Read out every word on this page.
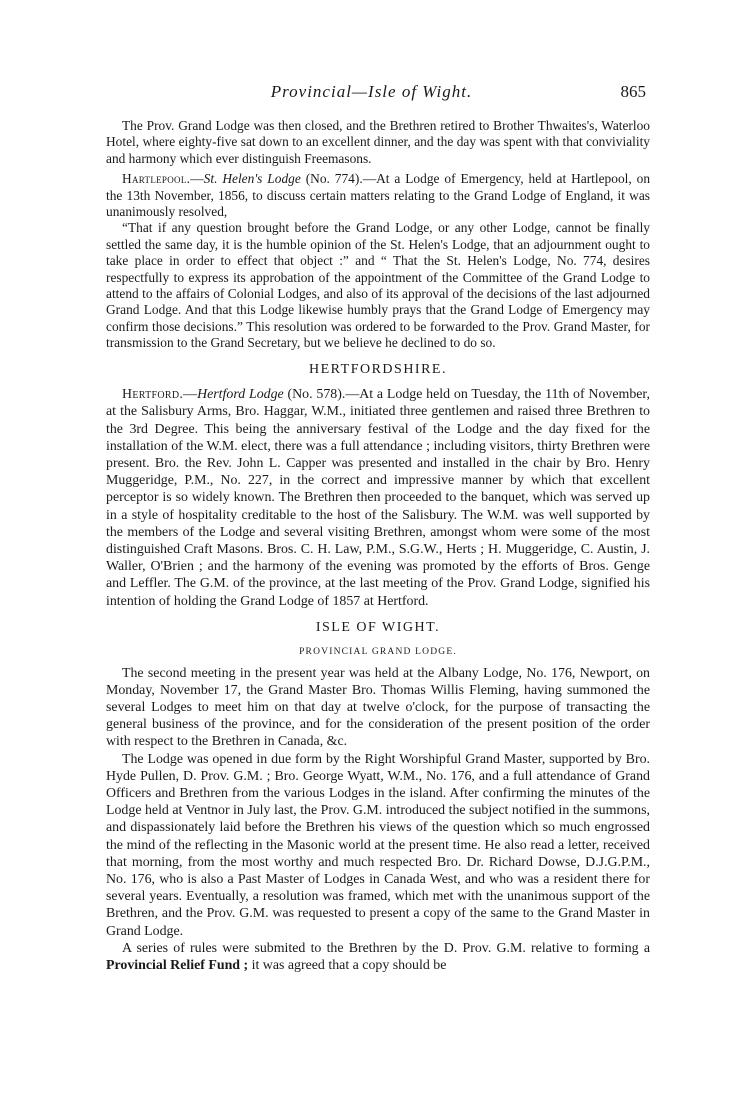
Provincial—Isle of Wight.	865

The Prov. Grand Lodge was then closed, and the Brethren retired to Brother Thwaites's, Waterloo Hotel, where eighty-five sat down to an excellent dinner, and the day was spent with that conviviality and harmony which ever distinguish Freemasons.

Hartlepool.—St. Helen's Lodge (No. 774).—At a Lodge of Emergency, held at Hartlepool, on the 13th November, 1856, to discuss certain matters relating to the Grand Lodge of England, it was unanimously resolved,

“That if any question brought before the Grand Lodge, or any other Lodge, cannot be finally settled the same day, it is the humble opinion of the St. Helen's Lodge, that an adjournment ought to take place in order to effect that object :” and “ That the St. Helen's Lodge, No. 774, desires respectfully to express its approbation of the appointment of the Committee of the Grand Lodge to attend to the affairs of Colonial Lodges, and also of its approval of the decisions of the last adjourned Grand Lodge. And that this Lodge likewise humbly prays that the Grand Lodge of Emergency may confirm those decisions.” This resolution was ordered to be forwarded to the Prov. Grand Master, for transmission to the Grand Secretary, but we believe he declined to do so.

HERTFORDSHIRE.

Hertford.—Hertford Lodge (No. 578).—At a Lodge held on Tuesday, the 11th of November, at the Salisbury Arms, Bro. Haggar, W.M., initiated three gentlemen and raised three Brethren to the 3rd Degree. This being the anniversary festival of the Lodge and the day fixed for the installation of the W.M. elect, there was a full attendance ; including visitors, thirty Brethren were present. Bro. the Rev. John L. Capper was presented and installed in the chair by Bro. Henry Muggeridge, P.M., No. 227, in the correct and impressive manner by which that excellent perceptor is so widely known. The Brethren then proceeded to the banquet, which was served up in a style of hospitality creditable to the host of the Salisbury. The W.M. was well supported by the members of the Lodge and several visiting Brethren, amongst whom were some of the most distinguished Craft Masons. Bros. C. H. Law, P.M., S.G.W., Herts ; H. Muggeridge, C. Austin, J. Waller, O'Brien ; and the harmony of the evening was promoted by the efforts of Bros. Genge and Leffler. The G.M. of the province, at the last meeting of the Prov. Grand Lodge, signified his intention of holding the Grand Lodge of 1857 at Hertford.

ISLE OF WIGHT.
PROVINCIAL GRAND LODGE.

The second meeting in the present year was held at the Albany Lodge, No. 176, Newport, on Monday, November 17, the Grand Master Bro. Thomas Willis Fleming, having summoned the several Lodges to meet him on that day at twelve o'clock, for the purpose of transacting the general business of the province, and for the consideration of the present position of the order with respect to the Brethren in Canada, &c.

The Lodge was opened in due form by the Right Worshipful Grand Master, supported by Bro. Hyde Pullen, D. Prov. G.M. ; Bro. George Wyatt, W.M., No. 176, and a full attendance of Grand Officers and Brethren from the various Lodges in the island. After confirming the minutes of the Lodge held at Ventnor in July last, the Prov. G.M. introduced the subject notified in the summons, and dispassionately laid before the Brethren his views of the question which so much engrossed the mind of the reflecting in the Masonic world at the present time. He also read a letter, received that morning, from the most worthy and much respected Bro. Dr. Richard Dowse, D.J.G.P.M., No. 176, who is also a Past Master of Lodges in Canada West, and who was a resident there for several years. Eventually, a resolution was framed, which met with the unanimous support of the Brethren, and the Prov. G.M. was requested to present a copy of the same to the Grand Master in Grand Lodge.

A series of rules were submited to the Brethren by the D. Prov. G.M. relative to forming a Provincial Relief Fund ; it was agreed that a copy should be
